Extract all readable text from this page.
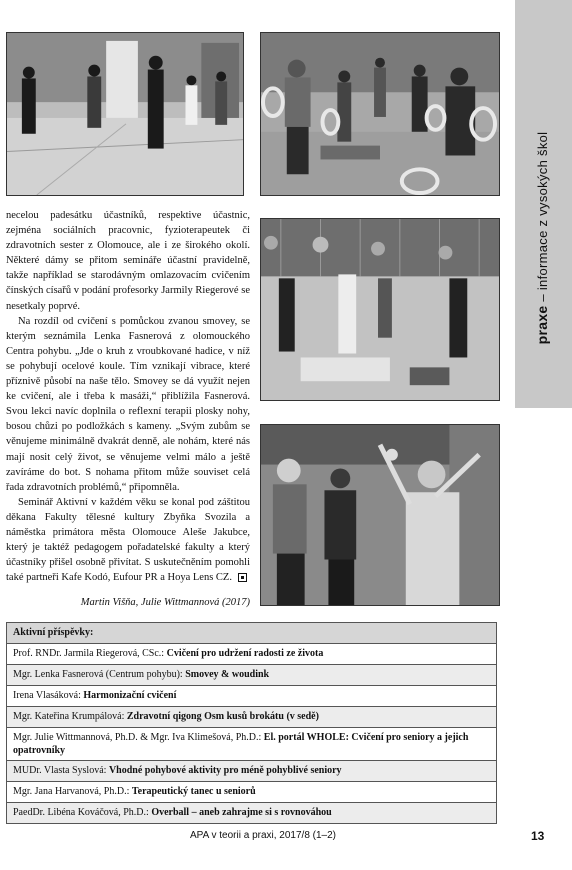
praxe – informace z vysokých škol

necelou padesátku účastníků, respektive účastnic, zejména sociálních pracovnic, fyzioterapeutek či zdravotních sester z Olomouce, ale i ze širokého okolí. Některé dámy se přitom semináře účastní pravidelně, takže například se starodávným omlazovacím cvičením čínských císařů v podání profesorky Jarmily Riegerové se nesetkaly poprvé.

Na rozdíl od cvičení s pomůckou zvanou smovey, se kterým seznámila Lenka Fasnerová z olomouckého Centra pohybu. „Jde o kruh z vroubkované hadice, v níž se pohybují ocelové koule. Tím vznikají vibrace, které příznivě působí na naše tělo. Smovey se dá využít nejen ke cvičení, ale i třeba k masáži,“ přiblížila Fasnerová. Svou lekci navíc doplnila o reflexní terapii plosky nohy, bosou chůzi po podložkách s kameny. „Svým zubům se věnujeme minimálně dvakrát denně, ale nohám, které nás mají nosit celý život, se věnujeme velmi málo a ještě zavíráme do bot. S nohama přitom může souviset celá řada zdravotních problémů,“ připomněla.

Seminář Aktivní v každém věku se konal pod záštitou děkana Fakulty tělesné kultury Zbyňka Svozila a náměstka primátora města Olomouce Aleše Jakubce, který je taktéž pedagogem pořadatelské fakulty a který účastníky přišel osobně přivítat. S uskutečněním pomohli také partneři Kafe Kodó, Eufour PR a Hoya Lens CZ.

Martin Višňa, Julie Wittmannová (2017)
Aktivní příspěvky:
Prof. RNDr. Jarmila Riegerová, CSc.: Cvičení pro udržení radosti ze života
Mgr. Lenka Fasnerová (Centrum pohybu): Smovey & woudink
Irena Vlasáková: Harmonizační cvičení
Mgr. Kateřina Krumpálová: Zdravotní qigong Osm kusů brokátu (v sedě)
Mgr. Julie Wittmannová, Ph.D. & Mgr. Iva Klimešová, Ph.D.: El. portál WHOLE: Cvičení pro seniory a jejich opatrovníky
MUDr. Vlasta Syslová: Vhodné pohybové aktivity pro méně pohyblivé seniory
Mgr. Jana Harvanová, Ph.D.: Terapeutický tanec u seniorů
PaedDr. Libéna Kováčová, Ph.D.: Overball – aneb zahrajme si s rovnováhou
APA v teorii a praxi, 2017/8 (1–2)	13
